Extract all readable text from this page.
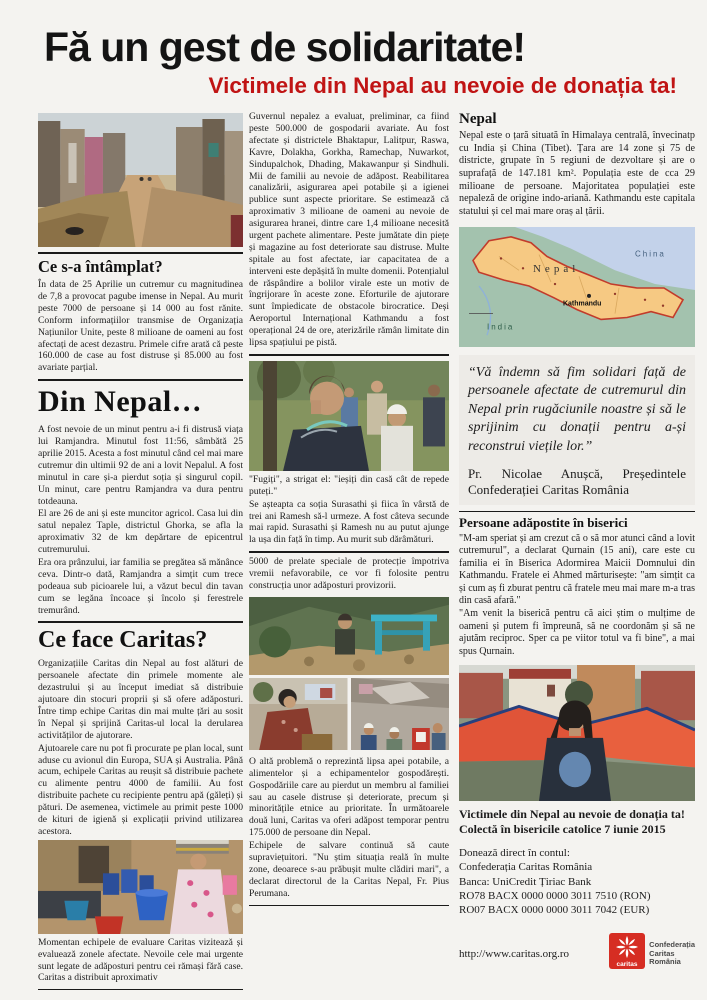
Fă un gest de solidaritate!
Victimele din Nepal au nevoie de donația ta!
Ce s-a întâmplat?

În data de 25 Aprilie un cutremur cu magnitudinea de 7,8 a provocat pagube imense in Nepal. Au murit peste 7000 de persoane și 14 000 au fost rănite. Conform informațiilor transmise de Organizația Națiunilor Unite, peste 8 milioane de oameni au fost afectați de acest dezastru. Primele cifre arată că peste 160.000 de case au fost distruse și 85.000 au fost avariate parțial.

Din Nepal…

A fost nevoie de un minut pentru a-i fi distrusă viața lui Ramjandra. Minutul fost 11:56, sâmbătă 25 aprilie 2015. Acesta a fost minutul când cel mai mare cutremur din ultimii 92 de ani a lovit Nepalul. A fost minutul in care și-a pierdut soția și singurul copil. Un minut, care pentru Ramjandra va dura pentru totdeauna.

El are 26 de ani și este muncitor agricol. Casa lui din satul nepalez Taple, districtul Ghorka, se afla la aproximativ 32 de km depărtare de epicentrul cutremurului.

Era ora prânzului, iar familia se pregătea să mănânce ceva. Dintr-o dată, Ramjandra a simțit cum trece podeaua sub picioarele lui, a văzut becul din tavan cum se legăna încoace și încolo și ferestrele tremurând.

Ce face Caritas?

Organizațiile Caritas din Nepal au fost alături de persoanele afectate din primele momente ale dezastrului și au început imediat să distribuie ajutoare din stocuri proprii și să ofere adăposturi. Între timp echipe Caritas din mai multe țări au sosit în Nepal și sprijină Caritas-ul local la derularea activităților de ajutorare.

Ajutoarele care nu pot fi procurate pe plan local, sunt aduse cu avionul din Europa, SUA și Australia. Până acum, echipele Caritas au reușit să distribuie pachete cu alimente pentru 4000 de familii. Au fost distribuite pachete cu recipiente pentru apă (găleți) și pături. De asemenea, victimele au primit peste 1000 de kituri de igienă și explicații privind utilizarea acestora.

Momentan echipele de evaluare Caritas vizitează și evaluează zonele afectate. Nevoile cele mai urgente sunt legate de adăposturi pentru cei rămași fără case. Caritas a distribuit aproximativ

Guvernul nepalez a evaluat, preliminar, ca fiind peste 500.000 de gospodarii avariate. Au fost afectate și districtele Bhaktapur, Lalitpur, Raswa, Kavre, Dolakha, Gorkha, Ramechap, Nuwarkot, Sindupalchok, Dhading, Makawanpur și Sindhuli. Mii de familii au nevoie de adăpost. Reabilitarea canalizării, asigurarea apei potabile și a igienei publice sunt aspecte prioritare. Se estimează că aproximativ 3 milioane de oameni au nevoie de asigurarea hranei, dintre care 1,4 milioane necesită urgent pachete alimentare. Peste jumătate din piețe și magazine au fost deteriorate sau distruse. Multe spitale au fost afectate, iar capacitatea de a interveni este depășită în multe domenii. Potențialul de răspândire a bolilor virale este un motiv de îngrijorare în aceste zone. Eforturile de ajutorare sunt împiedicate de obstacole birocratice. Deși Aeroportul Internațional Kathmandu a fost operațional 24 de ore, aterizările rămân limitate din lipsa spațiului pe pistă.

"Fugiți", a strigat el: "ieșiți din casă cât de repede puteți."

Se așteapta ca soția Surasathi și fiica în vârstă de trei ani Ramesh să-l urmeze. A fost câteva secunde mai rapid. Surasathi și Ramesh nu au putut ajunge la ușa din față în timp. Au murit sub dărâmături.

5000 de prelate speciale de protecție împotriva vremii nefavorabile, ce vor fi folosite pentru construcția unor adăposturi provizorii.

O altă problemă o reprezintă lipsa apei potabile, a alimentelor și a echipamentelor gospodărești. Gospodăriile care au pierdut un membru al familiei sau au casele distruse și deteriorate, precum și minoritățile etnice au prioritate. În următoarele două luni, Caritas va oferi adăpost temporar pentru 175.000 de persoane din Nepal.

Echipele de salvare continuă să caute supraviețuitori. "Nu știm situația reală în multe zone, deoarece s-au prăbușit multe clădiri mari", a declarat directorul de la Caritas Nepal, Fr. Pius Perumana.

Nepal

Nepal este o țară situată în Himalaya centrală, învecinatp cu India și China (Tibet). Țara are 14 zone și 75 de districte, grupate în 5 regiuni de dezvoltare și are o suprafață de 147.181 km². Populația este de cca 29 milioane de persoane. Majoritatea populației este nepaleză de origine indo-ariană. Kathmandu este capitala statului și cel mai mare oraș al țării.

Nepal
China
India
Kathmandu

“Vă îndemn să fim solidari față de persoanele afectate de cutremurul din Nepal prin rugăciunile noastre și să le sprijinim cu donații pentru a-și reconstrui viețile lor.”

Pr. Nicolae Anușcă, Președintele Confederației Caritas România

Persoane adăpostite în biserici

"M-am speriat și am crezut că o să mor atunci când a lovit cutremurul", a declarat Qurnain (15 ani), care este cu familia ei în Biserica Adormirea Maicii Domnului din Kathmandu. Fratele ei Ahmed mărturisește: "am simțit ca și cum aș fi zburat pentru că fratele meu mai mare m-a tras din casă afară."

"Am venit la biserică pentru că aici știm o mulțime de oameni și putem fi împreună, să ne coordonăm și să ne ajutăm reciproc. Sper ca pe viitor totul va fi bine", a mai spus Qurnain.

Victimele din Nepal au nevoie de donația ta!

Colectă în bisericile catolice 7 iunie 2015

Donează direct în contul:
Confederația Caritas România
Banca: UniCredit Țiriac Bank
RO78 BACX 0000 0000 3011 7510 (RON)
RO07 BACX 0000 0000 3011 7042 (EUR)
http://www.caritas.org.ro
caritas
Confederația
Caritas
România
